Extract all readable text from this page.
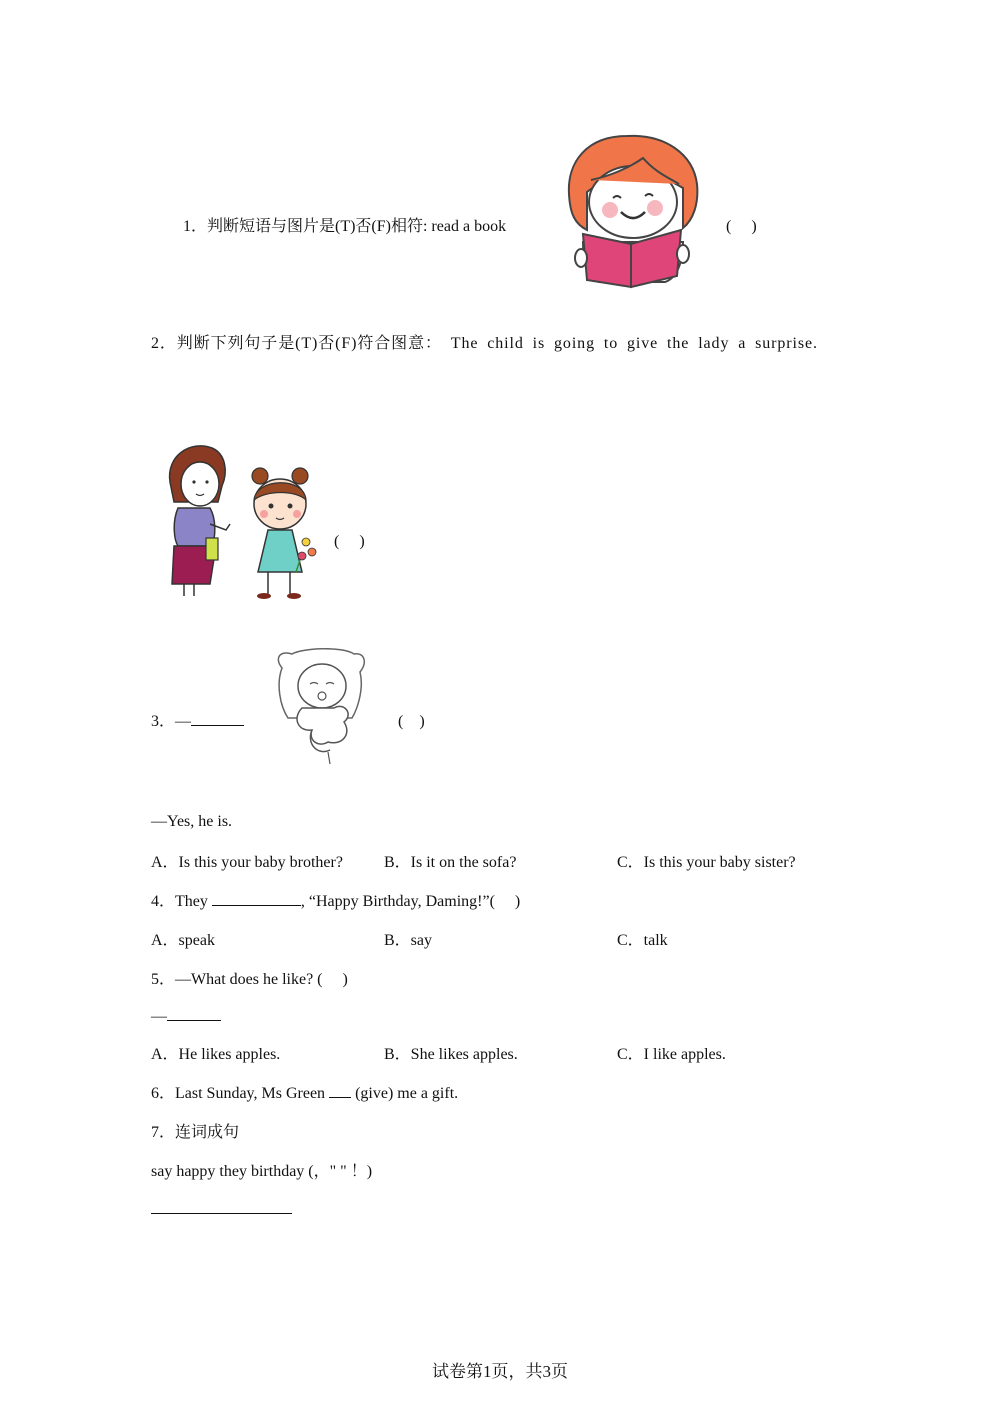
1．判断短语与图片是(T)否(F)相符: read a book	(　 )
2．判断下列句子是(T)否(F)符合图意： The child is going to give the lady a surprise.
(　 )
3．—	(　)
—Yes, he is.
A．Is this your baby brother?	B．Is it on the sofa?	C．Is this your baby sister?
4．They	, “Happy Birthday, Daming!”(　 )
A．speak	B．say	C．talk
5．—What does he like? (　 )
—
A．He likes apples.	B．She likes apples.	C．I like apples.
6．Last Sunday, Ms Green  (give) me a gift.
7．连词成句
say happy they birthday (，" " ！)
试卷第1页，共3页
